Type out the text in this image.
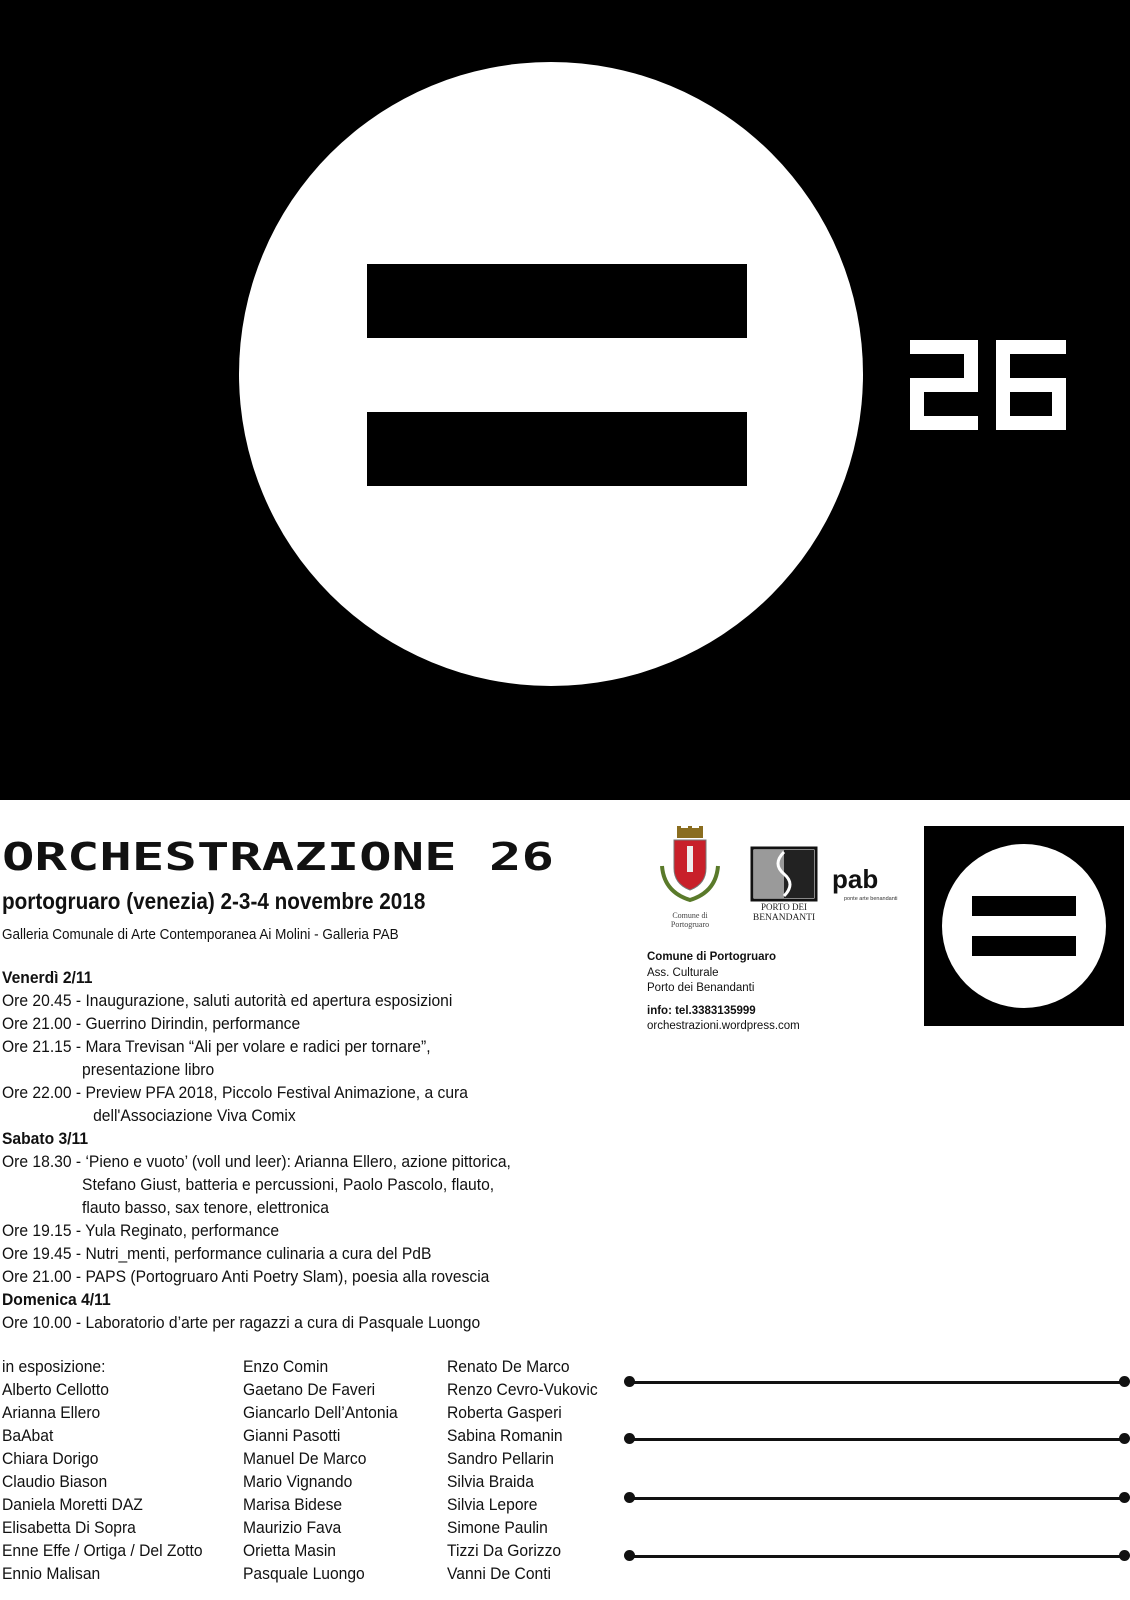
ORCHESTRAZIONE 26
portogruaro (venezia) 2-3-4 novembre 2018
Galleria Comunale di Arte Contemporanea Ai Molini - Galleria PAB
Venerdì 2/11
Ore 20.45 - Inaugurazione, saluti autorità ed apertura esposizioni
Ore 21.00 - Guerrino Dirindin, performance
Ore 21.15 - Mara Trevisan “Ali per volare e radici per tornare”,
presentazione libro
Ore 22.00 - Preview PFA 2018, Piccolo Festival Animazione, a cura
dell'Associazione Viva Comix
Sabato 3/11
Ore 18.30 - ‘Pieno e vuoto’ (voll und leer): Arianna Ellero, azione pittorica,
Stefano Giust, batteria e percussioni, Paolo Pascolo, flauto,
flauto basso, sax tenore, elettronica
Ore 19.15 - Yula Reginato, performance
Ore 19.45 - Nutri_menti, performance culinaria a cura del PdB
Ore 21.00 - PAPS (Portogruaro Anti Poetry Slam), poesia alla rovescia
Domenica 4/11
Ore 10.00 - Laboratorio d’arte per ragazzi a cura di Pasquale Luongo
in esposizione:
Alberto Cellotto
Arianna Ellero
BaAbat
Chiara Dorigo
Claudio Biason
Daniela Moretti DAZ
Elisabetta Di Sopra
Enne Effe / Ortiga / Del Zotto
Ennio Malisan
Enzo Comin
Gaetano De Faveri
Giancarlo Dell’Antonia
Gianni Pasotti
Manuel De Marco
Mario Vignando
Marisa Bidese
Maurizio Fava
Orietta Masin
Pasquale Luongo
Renato De Marco
Renzo Cevro-Vukovic
Roberta Gasperi
Sabina Romanin
Sandro Pellarin
Silvia Braida
Silvia Lepore
Simone Paulin
Tizzi Da Gorizzo
Vanni De Conti
Comune di
Portogruaro
PORTO DEI
BENANDANTI
pab
ponte arte benandanti
Comune di Portogruaro
Ass. Culturale
Porto dei Benandanti
info: tel.3383135999
orchestrazioni.wordpress.com
